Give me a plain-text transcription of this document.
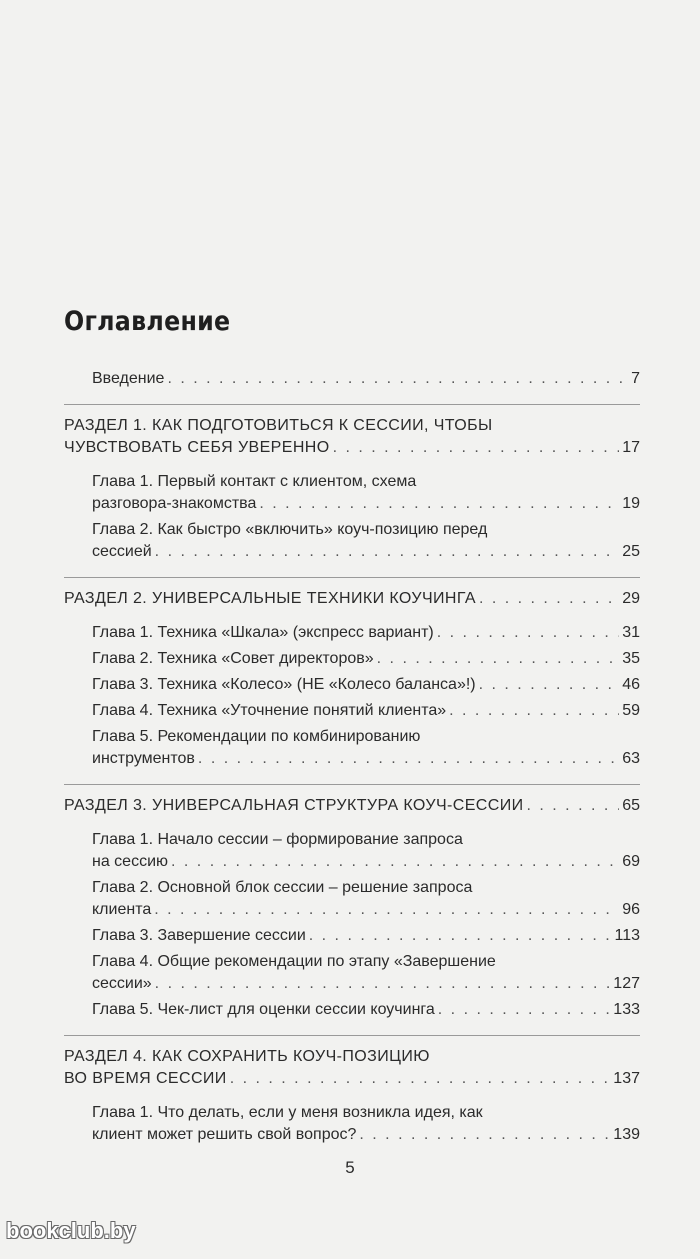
Оглавление
Введение . . .	7
РАЗДЕЛ 1. КАК ПОДГОТОВИТЬСЯ К СЕССИИ, ЧТОБЫ
ЧУВСТВОВАТЬ СЕБЯ УВЕРЕННО . . .	17
Глава 1. Первый контакт с клиентом, схема
разговора-знакомства . . .	19
Глава 2. Как быстро «включить» коуч-позицию перед
сессией . . .	25
РАЗДЕЛ 2. УНИВЕРСАЛЬНЫЕ ТЕХНИКИ КОУЧИНГА . . .	29
Глава 1. Техника «Шкала» (экспресс вариант) . . .	31
Глава 2. Техника «Совет директоров» . . .	35
Глава 3. Техника «Колесо» (НЕ «Колесо баланса»!) . . .	46
Глава 4. Техника «Уточнение понятий клиента» . . .	59
Глава 5. Рекомендации по комбинированию
инструментов . . .	63
РАЗДЕЛ 3. УНИВЕРСАЛЬНАЯ СТРУКТУРА КОУЧ-СЕССИИ . . .	65
Глава 1. Начало сессии – формирование запроса
на сессию . . .	69
Глава 2. Основной блок сессии – решение запроса
клиента . . .	96
Глава 3. Завершение сессии . . .	113
Глава 4. Общие рекомендации по этапу «Завершение
сессии» . . .	127
Глава 5. Чек-лист для оценки сессии коучинга . . .	133
РАЗДЕЛ 4. КАК СОХРАНИТЬ КОУЧ-ПОЗИЦИЮ
ВО ВРЕМЯ СЕССИИ . . .	137
Глава 1. Что делать, если у меня возникла идея, как
клиент может решить свой вопрос? . . .	139
5
bookclub.by
